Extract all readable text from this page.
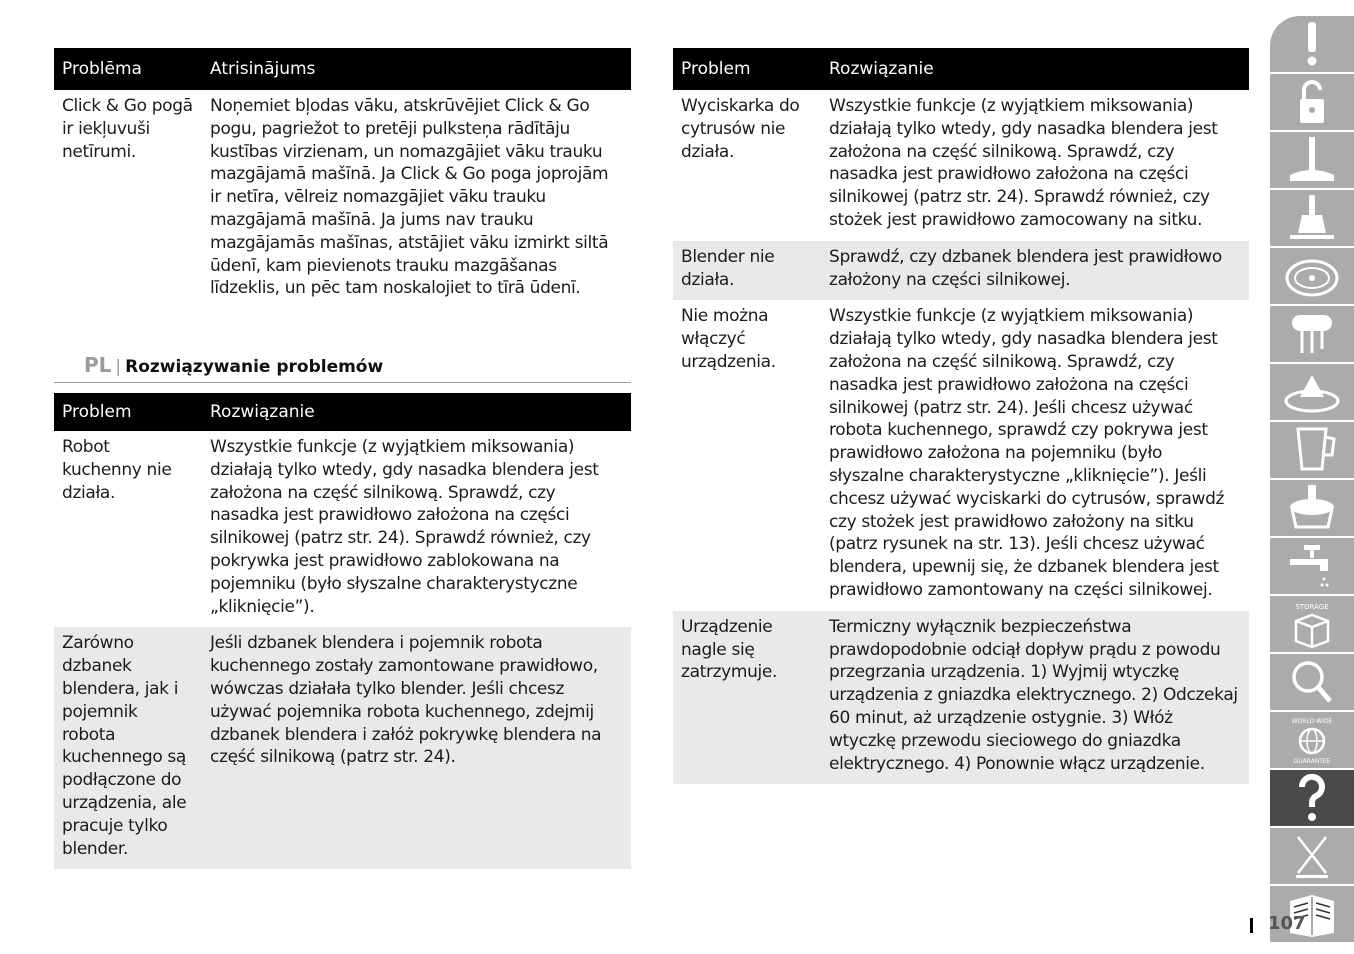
Problēma	Atrisinājums
Click & Go pogā ir iekļuvuši netīrumi.	Noņemiet bļodas vāku, atskrūvējiet Click & Go pogu, pagriežot to pretēji pulksteņa rādītāju kustības virzienam, un nomazgājiet vāku trauku mazgājamā mašīnā. Ja Click & Go poga joprojām ir netīra, vēlreiz nomazgājiet vāku trauku mazgājamā mašīnā. Ja jums nav trauku mazgājamās mašīnas, atstājiet vāku izmirkt siltā ūdenī, kam pievienots trauku mazgāšanas līdzeklis, un pēc tam noskalojiet to tīrā ūdenī.
PL | Rozwiązywanie problemów
Problem	Rozwiązanie
Robot kuchenny nie działa.	Wszystkie funkcje (z wyjątkiem miksowania) działają tylko wtedy, gdy nasadka blendera jest założona na część silnikową. Sprawdź, czy nasadka jest prawidłowo założona na części silnikowej (patrz str. 24). Sprawdź również, czy pokrywka jest prawidłowo zablokowana na pojemniku (było słyszalne charakterystyczne „kliknięcie”).
Zarówno dzbanek blendera, jak i pojemnik robota kuchennego są podłączone do urządzenia, ale pracuje tylko blender.	Jeśli dzbanek blendera i pojemnik robota kuchennego zostały zamontowane prawidłowo, wówczas działała tylko blender. Jeśli chcesz używać pojemnika robota kuchennego, zdejmij dzbanek blendera i załóż pokrywkę blendera na część silnikową (patrz str. 24).
Problem	Rozwiązanie
Wyciskarka do cytrusów nie działa.	Wszystkie funkcje (z wyjątkiem miksowania) działają tylko wtedy, gdy nasadka blendera jest założona na część silnikową. Sprawdź, czy nasadka jest prawidłowo założona na części silnikowej (patrz str. 24). Sprawdź również, czy stożek jest prawidłowo zamocowany na sitku.
Blender nie działa.	Sprawdź, czy dzbanek blendera jest prawidłowo założony na części silnikowej.
Nie można włączyć urządzenia.	Wszystkie funkcje (z wyjątkiem miksowania) działają tylko wtedy, gdy nasadka blendera jest założona na część silnikową. Sprawdź, czy nasadka jest prawidłowo założona na części silnikowej (patrz str. 24). Jeśli chcesz używać robota kuchennego, sprawdź czy pokrywa jest prawidłowo założona na pojemniku (było słyszalne charakterystyczne „kliknięcie”). Jeśli chcesz używać wyciskarki do cytrusów, sprawdź czy stożek jest prawidłowo założony na sitku (patrz rysunek na str. 13). Jeśli chcesz używać blendera, upewnij się, że dzbanek blendera jest prawidłowo zamontowany na części silnikowej.
Urządzenie nagle się zatrzymuje.	Termiczny wyłącznik bezpieczeństwa prawdopodobnie odciął dopływ prądu z powodu przegrzania urządzenia. 1) Wyjmij wtyczkę urządzenia z gniazdka elektrycznego. 2) Odczekaj 60 minut, aż urządzenie ostygnie. 3) Włóż wtyczkę przewodu sieciowego do gniazdka elektrycznego. 4) Ponownie włącz urządzenie.
STORAGE
WORLD-WIDE
GUARANTEE
107
